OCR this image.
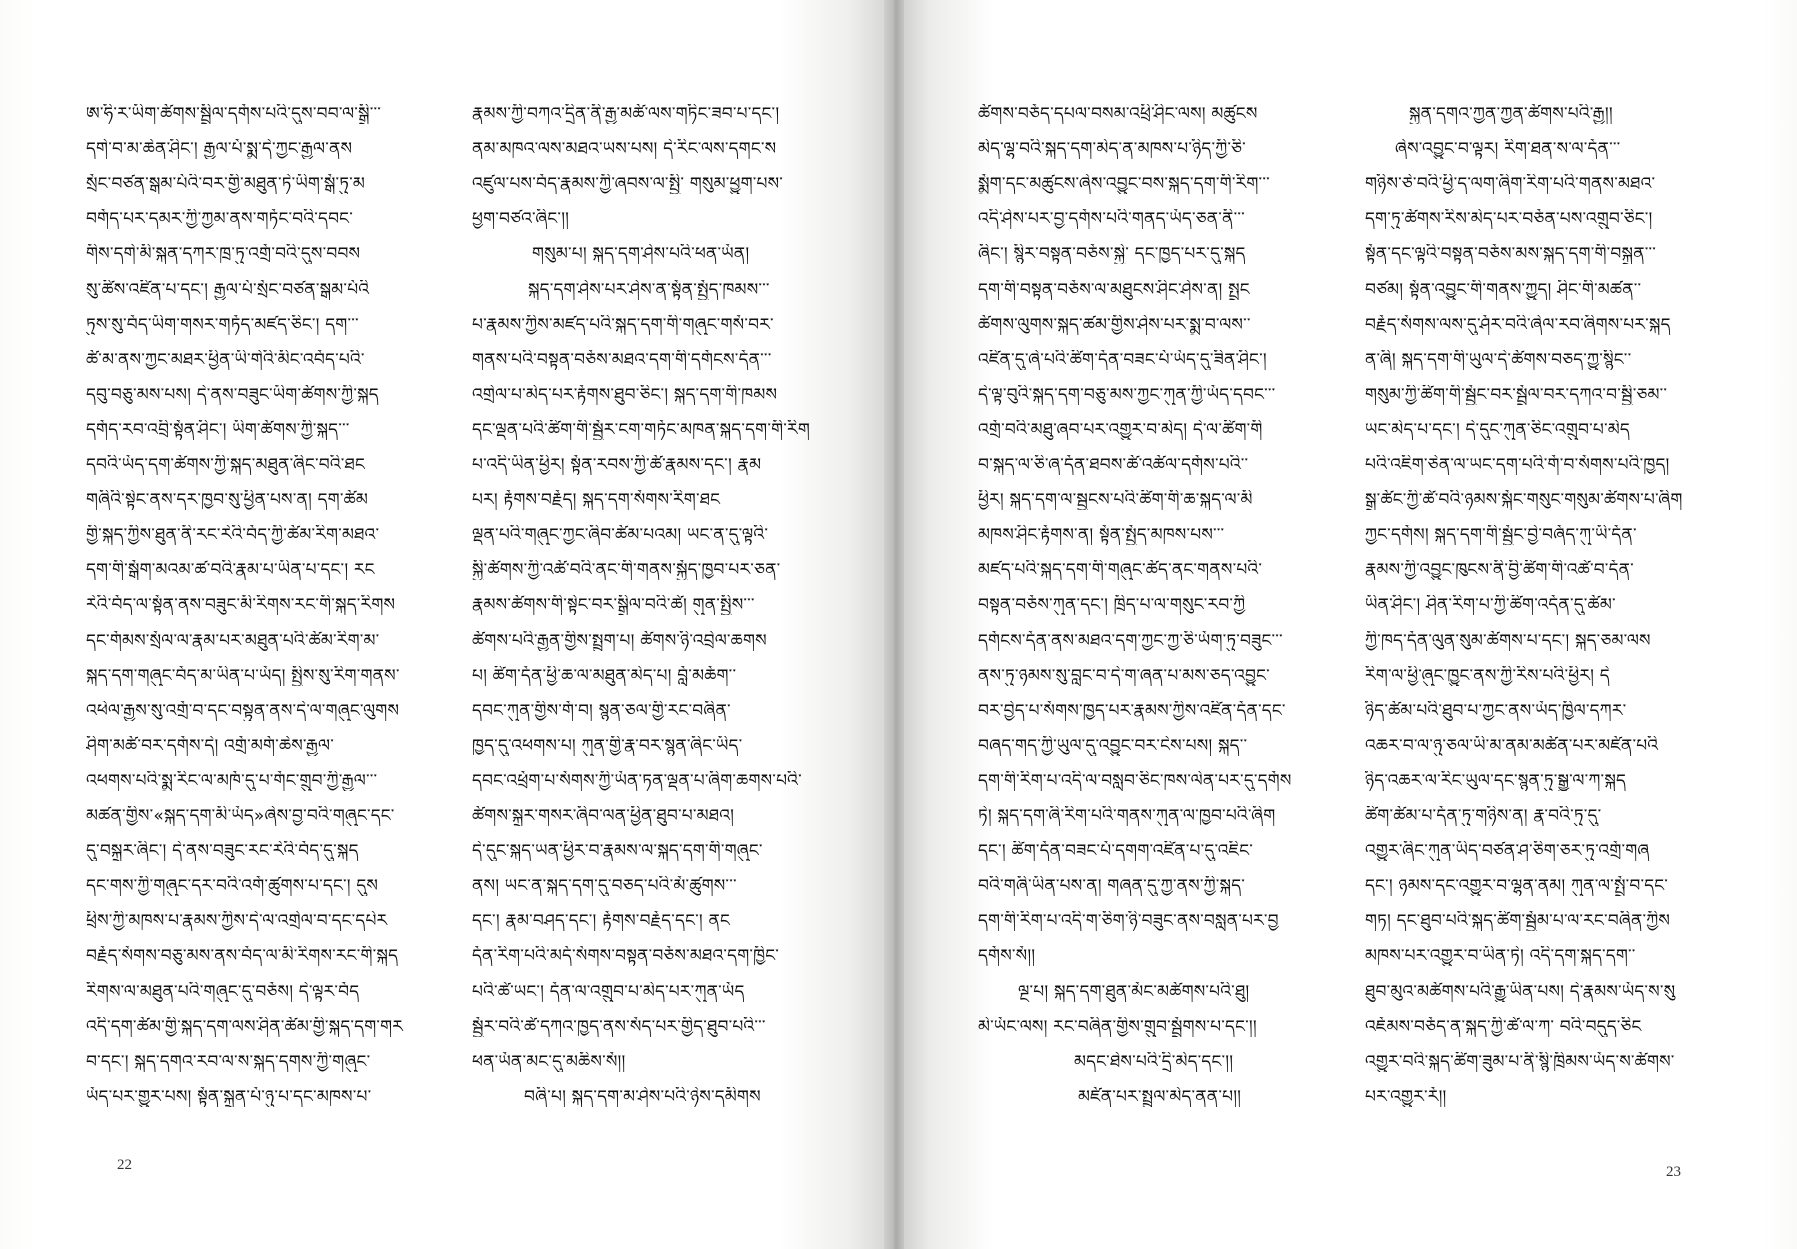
ཨ་ཧི་ར་ཡིག་ཚོགས་སྦྲིལ་དགོས་པའི་དུས་བབ་ལ་སྒྲི་་་
དགེ་བ་མ་ཆེན་ཤིང་། རྒྱལ་པོ་སྨྲ་དེ་ཀྱང་རྒྱལ་ནས
སྲོང་བཙན་སྒམ་པོའི་བར་གྱི་མཐུན་ཏེ་ཡིག་སྒོ་ཏུ་མ
བགོད་པར་དམར་ཀྱི་ཀྱམ་ནས་གཏོང་བའི་དབང་
གིས་དགེ་མི་སྐན་དཀར་ཁྲ་ཏུ་འགྲོ་བའི་དུས་བབས
སུ་ཚིས་འཛིན་པ་དང་། རྒྱལ་པོ་སྲོང་བཙན་སྒམ་པོའི
ཏུས་སུ་བོད་ཡིག་གསར་གཏོད་མཛད་ཅིང་། དག་་་
ཚོ་མ་ནས་ཀྱང་མཐར་ཕྱིན་ཡི་གེའི་མིང་འབོད་པའི་
དབུ་བཅུ་མས་པས། དེ་ནས་བཟུང་ཡིག་ཚོགས་ཀྱི་སྐད
དགོད་རབ་འབྲི་སྟོན་ཤིང་། ཡིག་ཚོགས་ཀྱི་སྐད་་་
དབའི་ཡོད་དག་ཚོགས་ཀྱི་སྐད་མཐུན་ཞིང་བའི་ཐང
གཞིའི་སྟེང་ནས་དར་ཁྱབ་སུ་ཕྱིན་པས་ན། དག་ཚོམ
གྱི་སྐད་ཀྱིས་ཐུན་ནི་རང་རེའི་བོད་ཀྱི་ཚོམ་རིག་མཐའ་
དག་གི་སྒོག་མའམ་ཚ་བའི་རྣམ་པ་ཡིན་པ་དང་། རང
རེའི་བོད་ལ་སྟོན་ནས་བཟུང་མི་རིགས་རང་གི་སྐད་རིགས
དང་གོམས་སྲོལ་ལ་རྣམ་པར་མཐུན་པའི་ཚོམ་རིག་མ་
སྐད་དག་གཞུང་བོད་མ་ཡིན་པ་ཡོད། སྤྱིས་སུ་རིག་གནས་
འཕེལ་རྒྱས་སུ་འགྲོ་བ་དང་བསྟུན་ནས་དེ་ལ་གཞུང་ལུགས
ཤིག་མཚོ་བར་དགོས་དེ། འགྲོ་མགོ་ཆེས་རྒྱལ་
འཕགས་པའི་སྨྲ་རིང་ལ་མཁོ་དུ་པ་གོང་གྲུབ་ཀྱི་རྒྱལ་་་
མཚན་གྱིས་«སྐད་དག་མི་ཡོད»ཞེས་བྱ་བའི་གཞུང་དང་
དུ་བསྐྲུར་ཞིང་། དེ་ནས་བཟུང་རང་རེའི་བོད་དུ་སྐད
དང་གས་ཀྱི་གཞུང་དར་བའི་འགོ་ཚུགས་པ་དང་། དུས
ཕྲིས་ཀྱི་མཁས་པ་རྣམས་ཀྱིས་དེ་ལ་འགྲེལ་བ་དང་དཔེར
བརྗོད་སོགས་བཅུ་མས་ནས་བོད་ལ་མི་རིགས་རང་གི་སྐད
རིགས་ལ་མཐུན་པའི་གཞུང་དུ་བཅོས། དེ་ལྟར་བོད
འདི་དག་ཚོམ་གྱི་སྐད་དག་ལས་ཤིན་ཚོམ་གྱི་སྐད་དག་གར
བ་དང་། སྐད་དགའ་རབ་ལ་ས་སྐད་དགས་ཀྱི་གཞུང་
ཡོད་པར་གྱུར་པས། སྟོན་སྐྲུན་པོ་ཉུ་པ་དང་མཁས་པ་
རྣམས་ཀྱི་བཀའ་དྲིན་ནི་རྒྱ་མཚོ་ལས་གཏིང་ཟབ་པ་དང་།
ནམ་མཁའ་ལས་མཐའ་ཡས་པས། དེ་རིང་ལས་དགང་ས
འཛུལ་པས་བོད་རྣམས་ཀྱི་ཞབས་ལ་སྤྱི་ གསུམ་ཕྱུག་པས་
ཕྱག་བཙའ་ཞིང་།།
གསུམ་པ། སྐད་དག་ཤེས་པའི་ཕན་ཡོན།
སྐད་དག་ཤེས་པར་ཤེས་ན་སྟོན་སྤྱོད་ཁམས་་་
པ་རྣམས་ཀྱིས་མཛད་པའི་སྐད་དག་གི་གཞུང་གསོ་བར་
གནས་པའི་བསྟན་བཅོས་མཐའ་དག་གི་དགོངས་དོན་་་
འགྲེལ་པ་མེད་པར་རྟོགས་ཐུབ་ཅིང་། སྐད་དག་གི་ཁམས
དང་ལྡན་པའི་ཚིག་གི་སྦྱོར་ངག་གཏོང་མཁན་སྐད་དག་གི་རིག
པ་འདི་ཡིན་ཕྱིར། སྟོན་རབས་ཀྱི་ཚོ་རྣམས་དང་། རྣམ
པར། རྟོགས་བརྗོད། སྐད་དག་སོགས་རིག་ཐང
ལྡན་པའི་གཞུང་ཀྱང་ཞིབ་ཚོམ་པའམ། ཡང་ན་དུ་ལྟའི་
སྐྱི་ཚོགས་ཀྱི་འཚོ་བའི་ནང་གི་གནས་སྐྱོད་ཁྱབ་པར་ཅན་
རྣམས་ཚོགས་གི་སྟེང་བར་སྒྲིལ་བའི་ཚེ། གུན་སྤྱིས་་་
ཚོགས་པའི་རྒྱན་གྱིས་སྤྲུག་པ། ཚོགས་ཉི་འབྲེལ་ཆགས
པ། ཚིག་དོན་ཕྱི་ཆ་ལ་མཐུན་མེད་པ། བློ་མཆོག་་
དབང་ཀུན་གྱིས་གོ་བ། སྙན་ཅལ་གྱི་རང་བཞིན་
ཁྱད་དུ་འཕགས་པ། ཀུན་གྱི་རྣ་བར་སྙན་ཞིང་ཡིད་
དབང་འཕྲོག་པ་སོགས་ཀྱི་ཡོན་ཏན་ལྡན་པ་ཞིག་ཆགས་པའི་
ཚོགས་སྐྲུར་གསར་ཞིབ་ལན་ཕྱིན་ཐུབ་པ་མཐའ།
དེ་དུང་སྐད་ཡན་ཕྱིར་བ་རྣམས་ལ་སྐད་དག་གི་གཞུང་
ནས། ཡང་ན་སྐད་དག་དུ་བཅད་པའི་མོ་ཚུགས་་་
དང་། རྣམ་བཤད་དང་། རྟོགས་བརྗོད་དང་། ནང
དོན་རིག་པའི་མདོ་སོགས་བསྟན་བཅོས་མཐའ་དག་ཁྱིང་
པའི་ཚེ་ཡང་། དོན་ལ་འགྲུབ་པ་མེད་པར་ཀུན་ཡོད
སྦྱོར་བའི་ཚེ་དཀའ་ཁྱད་ནས་སོད་པར་གྱིད་ཐུབ་པའི་་་
ཕན་ཡོན་མང་དུ་མཆིས་སོ།།
བཞི་པ། སྐད་དག་མ་ཤེས་པའི་ཉེས་དམིགས
22
ཚོགས་བཅོད་དཔལ་བསམ་འཕྲི་ཤིང་ལས། མཚུངས
མེད་ལྷ་བའི་སྐད་དག་མེད་ན་མཁས་པ་ཉིད་ཀྱི་ཅི་
སྨྲོག་དང་མཚུངས་ཞེས་འབྱུང་བས་སྐད་དག་གི་རིག་་་
འདི་ཤེས་པར་བྱ་དགོས་པའི་གནད་ཡོད་ཅན་ནི་་་
ཞིང་། སྙིར་བསྟན་བཅོས་སྐྱེ་ དང་ཁྱད་པར་དུ་སྐད
དག་གི་བསྟན་བཅོས་ལ་མཐུངས་ཤིང་ཤེས་ན། སྤྲང
ཚོགས་ལུགས་སྐད་ཚམ་གྱིས་ཤེས་པར་སྨྲ་བ་ལས་་
འཛིན་དུ་ཞེ་པའི་ཚིག་དོན་བཟང་པོ་ཡོད་དུ་ཟིན་ཤིང་།
དེ་ལྟ་བུའི་སྐད་དག་བཅུ་མས་ཀྱང་ཀུན་ཀྱི་ཡོད་དབང་་་
འགྲོ་བའི་མཐུ་ཞབ་པར་འགྱུར་བ་མེད། དེ་ལ་ཚིག་གི
བ་སྐད་ལ་ཅི་ཞ་དོན་ཐབས་ཚོ་འཚོལ་དགོས་པའི་་
ཕྱིར། སྐད་དག་ལ་སྦྱངས་པའི་ཚིག་གི་ཆ་སྐད་ལ་མི
མཁས་ཤིང་རྟོགས་ན། སྟོན་སྤྱོད་མཁས་པས་་་
མཛད་པའི་སྐད་དག་གི་གཞུང་ཚོད་ནང་གནས་པའི་
བསྟན་བཅོས་ཀུན་དང་། ཁྲིད་པ་ལ་གསུང་རབ་ཀྱི
དགོངས་དོན་ནས་མཐའ་དག་ཀྱང་ཀྱ་ཅི་ཡོག་ཏུ་བཟུང་་་
ནས་ཏུ་ཉམས་སུ་བླང་བ་དེ་ག་ཞན་པ་མས་ཅད་འབྱུང་
བར་བྱེད་པ་སོགས་ཁྱད་པར་རྣམས་ཀྱིས་འཛིན་དོན་དང་
བཞད་གད་ཀྱི་ཡུལ་དུ་འབྱུང་བར་ངེས་པས། སྐད་་
དག་གི་རིག་པ་འདི་ལ་བསླབ་ཅིང་ཁས་ལེན་པར་དུ་དགོས
ཏེ། སྐད་དག་ཞི་རིག་པའི་གནས་ཀུན་ལ་ཁྱབ་པའི་ཞིག
དང་། ཚིག་དོན་བཟང་པོ་དགག་འཛིན་པ་དུ་འཇིང་
བའི་གཞི་ཡིན་པས་ན། གཞན་དུ་ཀྱ་ནས་ཀྱི་སྐད་
དག་གི་རིག་པ་འདི་ག་ཅིག་ཉི་བཟུང་ནས་བསླན་པར་བྱ
དགོས་སོ།།
ལྔ་པ། སྐད་དག་ཐུན་མོང་མཚོགས་པའི་ཐུ།
མེ་ཡོང་ལས། རང་བཞིན་གྱིས་གྲུབ་སྦྲོགས་པ་དང་།།
མདང་ཐེས་པའི་དྲི་མེད་དང་།།
མཛོན་པར་སྤྲུལ་མེད་ནན་པ།།
སྐྱན་དགའ་ཀྱན་ཀྱན་ཚོགས་པའི་རྒྱ།།
ཞེས་འབྱུང་བ་ལྟར། རིག་ཐན་ས་ལ་དོན་་་
གཉིས་ཅེ་བའི་ཕྱི་ད་ལག་ཞིག་རིག་པའི་གནས་མཐའ་
དག་ཏུ་ཚོགས་རིས་མེད་པར་བཅོན་པས་འགྲུབ་ཅིང་།
སྟོན་དང་ལྟའི་བསྟན་བཅོས་མས་སྐད་དག་གི་བསྐྲན་་་
བཙམ། སྟོན་འབྱུང་གི་གནས་ཀྱུད། ཤིང་གི་མཚན་་
བརྗོད་སོགས་ལས་དུ་ཤོར་བའི་ཞེལ་རབ་ཞིགས་པར་སྐད
ན་ཞི། སྐད་དག་གི་ཡུལ་དེ་ཚོགས་བཅད་ཀྱུ་སྙིང་་
གསུམ་ཀྱི་ཚིག་གི་སྦྱོང་བར་སྦྲོལ་བར་དཀའ་བ་སྦྱི་ཅམ་་
ཡང་མེད་པ་དང་། དེ་དུང་ཀུན་ཅིང་འགྲུབ་པ་མེད
པའི་འཇིག་ཅེན་ལ་ཡང་དག་པའི་གོ་བ་སོགས་པའི་ཁྱད།
སྒྲ་ཚོང་ཀྱི་ཚེ་བའི་ཉམས་སྐོང་གསུང་གསུམ་ཚོགས་པ་ཞིག
ཀྱང་དགོས། སྐད་དག་གི་སྦྱོང་བྱེ་བཞོད་ཀུ་ཡི་དོན་
རྣམས་ཀྱི་འབྱུང་ཁུངས་ནི་བྱི་ཚིག་གི་འཚེ་བ་དོན་
ཡིན་ཤིང་། ཤིན་རིག་པ་ཀྱི་ཚིག་འདོན་དུ་ཚོམ་
ཀྱི་ཁད་དོན་ལུན་སུམ་ཚོགས་པ་དང་། སྐད་ཅམ་ལས
རིག་ལ་ཕྱི་ཞུང་ཁྱུང་ནས་ཀྱི་རིས་པའི་ཕྱིར། དེ
ཉིད་ཚོམ་པའི་ཐུབ་པ་ཀྱང་ནས་ཡོད་ཁྱིལ་དཀར་
འཆར་བ་ལ་ཉུ་ཅལ་ཡི་མ་ནམ་མཚོན་པར་མཛོན་པའི
ཉིད་འཆར་ལ་རིང་ཡུལ་དང་སྙན་ཏུ་སྒྱུ་ལ་ཀ་སྐད
ཚིག་ཚོམ་པ་དོན་ཏུ་གཉིས་ན། རྣ་བའི་ཏུ་དུ་
འགྱུར་ཞིང་ཀུན་ཡིད་བཙན་ཤ་ཅིག་ཅར་ཏུ་འགྲོ་གཞ
དང་། ཉམས་དང་འགྱུར་བ་ལྷན་ནམ། ཀུན་ལ་སྤྲོ་བ་དང་
གཏ། དང་ཐུབ་པའི་སྐད་ཚིག་སྦྱོམ་པ་ལ་རང་བཞིན་ཀྱིས
མཁས་པར་འགྱུར་བ་ཡིན་ཏེ། འདི་དག་སྐད་དག་་
ཐུབ་མུའ་མཚོགས་པའི་རྒྱུ་ཡིན་པས། དེ་རྣམས་ཡོད་ས་སུ
འཇོམས་བཅོད་ན་སྐད་ཀྱི་ཚེ་ལ་ཀ་ བའི་བདུད་ཅིང
འགྱུར་བའི་སྐད་ཚིག་ཟུམ་པ་ནི་སྙི་ཁྲིམས་ཡོད་ས་ཚོགས་
པར་འགྱུར་རོ།།
23
